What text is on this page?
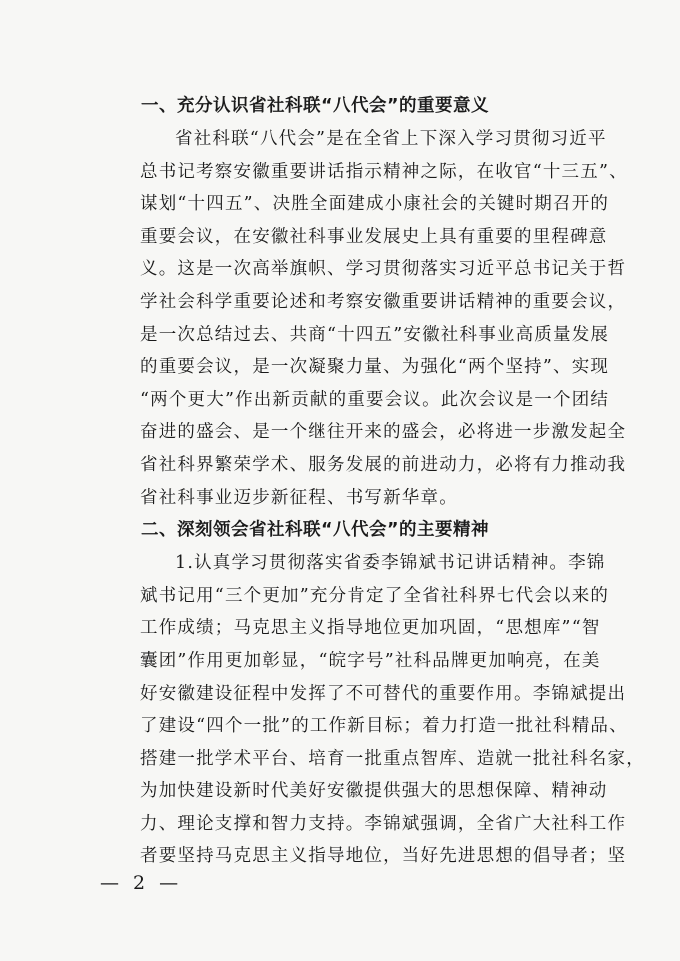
一、充分认识省社科联“八代会”的重要意义
省社科联“八代会”是在全省上下深入学习贯彻习近平
总书记考察安徽重要讲话指示精神之际，在收官“十三五”、
谋划“十四五”、决胜全面建成小康社会的关键时期召开的
重要会议，在安徽社科事业发展史上具有重要的里程碑意
义。这是一次高举旗帜、学习贯彻落实习近平总书记关于哲
学社会科学重要论述和考察安徽重要讲话精神的重要会议，
是一次总结过去、共商“十四五”安徽社科事业高质量发展
的重要会议，是一次凝聚力量、为强化“两个坚持”、实现
“两个更大”作出新贡献的重要会议。此次会议是一个团结
奋进的盛会、是一个继往开来的盛会，必将进一步激发起全
省社科界繁荣学术、服务发展的前进动力，必将有力推动我
省社科事业迈步新征程、书写新华章。
二、深刻领会省社科联“八代会”的主要精神
1.认真学习贯彻落实省委李锦斌书记讲话精神。李锦
斌书记用“三个更加”充分肯定了全省社科界七代会以来的
工作成绩；马克思主义指导地位更加巩固，“思想库”“智
囊团”作用更加彰显，“皖字号”社科品牌更加响亮，在美
好安徽建设征程中发挥了不可替代的重要作用。李锦斌提出
了建设“四个一批”的工作新目标；着力打造一批社科精品、
搭建一批学术平台、培育一批重点智库、造就一批社科名家，
为加快建设新时代美好安徽提供强大的思想保障、精神动
力、理论支撑和智力支持。李锦斌强调，全省广大社科工作
者要坚持马克思主义指导地位，当好先进思想的倡导者；坚
— 2 —
